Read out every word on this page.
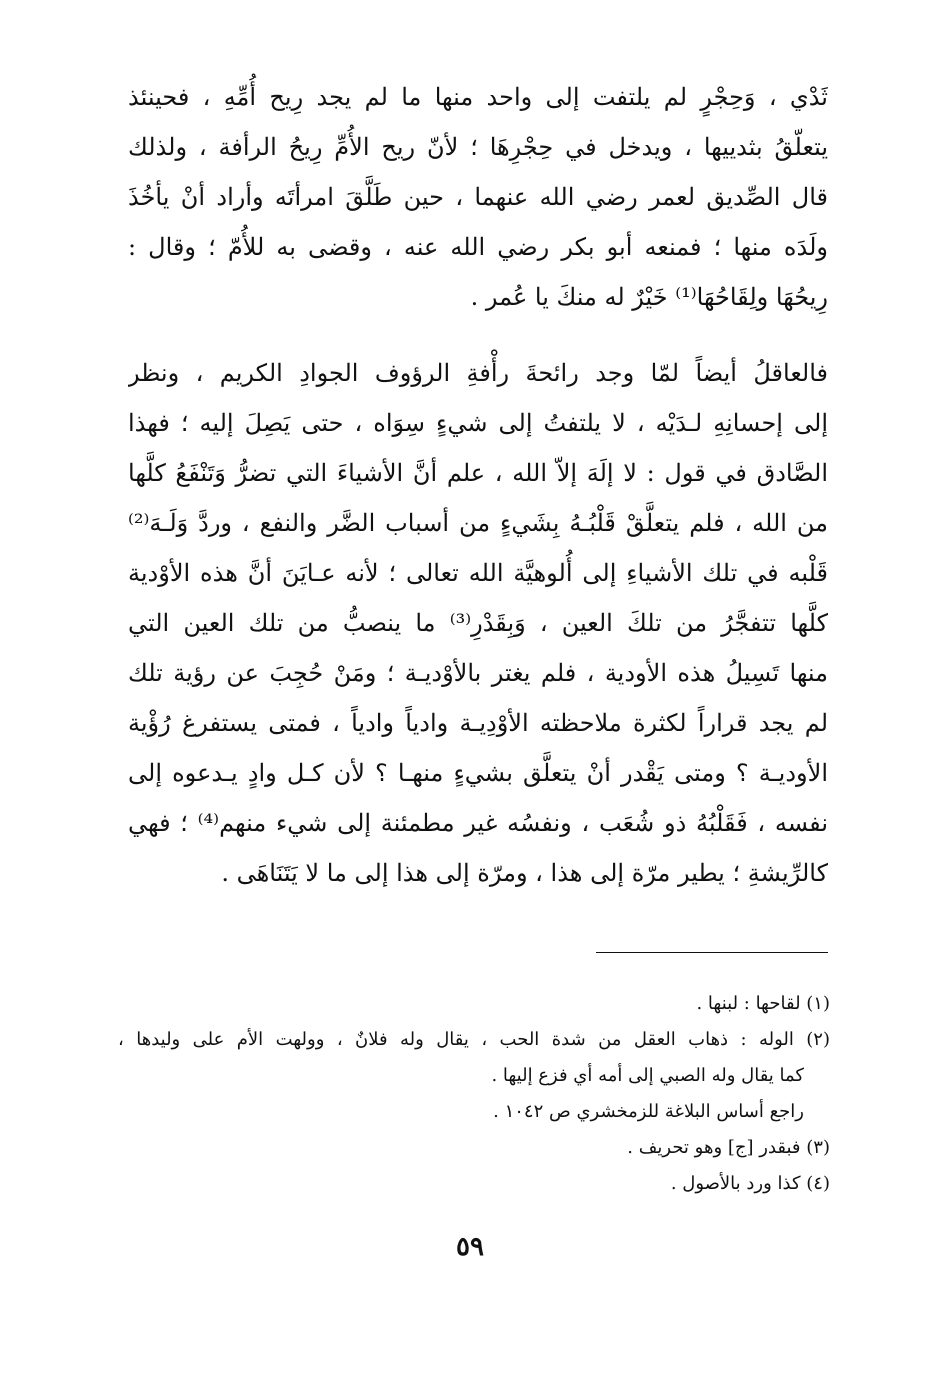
ثَدْي ، وَحِجْرٍ لم يلتفت إلى واحد منها ما لم يجد رِيح أُمِّهِ ، فحينئذ
يتعلّقُ بثدييها ، ويدخل في حِجْرِهَا ؛ لأنّ ريح الأُمِّ رِيحُ الرأفة ، ولذلك
قال الصِّديق لعمر رضي الله عنهما ، حين طَلَّقَ امرأتَه وأراد أنْ يأخُذَ
ولَدَه منها ؛ فمنعه أبو بكر رضي الله عنه ، وقضى به للأُمّ ؛ وقال :
رِيحُهَا ولِقَاحُهَا⁽¹⁾ خَيْرٌ له منكَ يا عُمر .
فالعاقلُ أيضاً لمّا وجد رائحةَ رأْفةِ الرؤوف الجوادِ الكريم ، ونظر
إلى إحسانِهِ لـدَيْه ، لا يلتفتُ إلى شيءٍ سِوَاه ، حتى يَصِلَ إليه ؛ فهذا
الصَّادق في قول : لا إلَهَ إلاّ الله ، علم أنَّ الأشياءَ التي تضرُّ وَتَنْفَعُ كلَّها
من الله ، فلم يتعلَّقْ قَلْبُـهُ بِشَيءٍ من أسباب الضَّر والنفع ، وردَّ وَلَـهَ⁽²⁾
قَلْبه في تلك الأشياءِ إلى أُلوهيَّة الله تعالى ؛ لأنه عـايَنَ أنَّ هذه الأوْدية
كلَّها تتفجَّرُ من تلكَ العين ، وَبِقَدْرِ⁽³⁾ ما ينصبُّ من تلك العين التي
منها تَسِيلُ هذه الأودية ، فلم يغتر بالأوْديـة ؛ ومَنْ حُجِبَ عن رؤية تلك
لم يجد قراراً لكثرة ملاحظته الأوْدِيـة وادياً وادياً ، فمتى يستفرغ رُؤْية
الأوديـة ؟ ومتى يَقْدر أنْ يتعلَّق بشيءٍ منهـا ؟ لأن كـل وادٍ يـدعوه إلى
نفسه ، فَقَلْبُهُ ذو شُعَب ، ونفسُه غير مطمئنة إلى شيء منهم⁽⁴⁾ ؛ فهي
كالرِّيشةِ ؛ يطير مرّة إلى هذا ، ومرّة إلى هذا إلى ما لا يَتَنَاهَى .
(١) لقاحها : لبنها .
(٢) الوله : ذهاب العقل من شدة الحب ، يقال وله فلانٌ ، وولهت الأم على وليدها ،
كما يقال وله الصبي إلى أمه أي فزع إليها .
راجع أساس البلاغة للزمخشري ص ١٠٤٢ .
(٣) فبقدر [ج] وهو تحريف .
(٤) كذا ورد بالأصول .
٥٩
